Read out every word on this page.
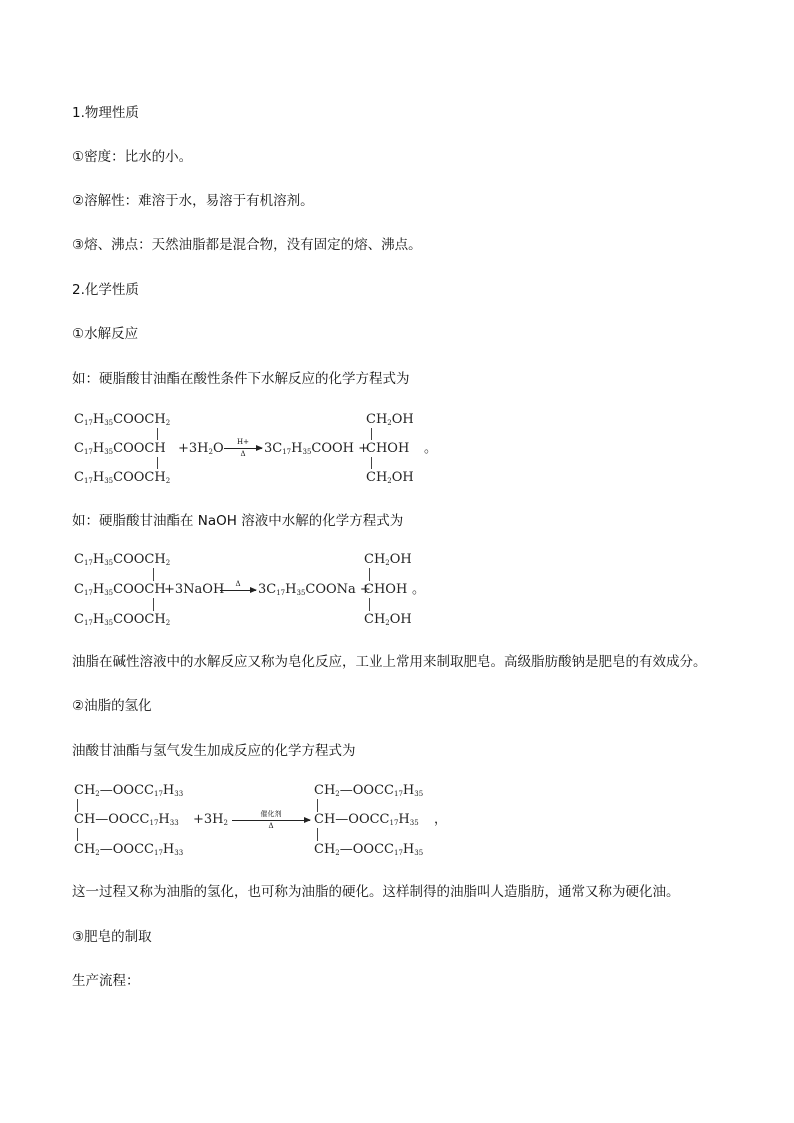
1.物理性质
①密度：比水的小。
②溶解性：难溶于水，易溶于有机溶剂。
③熔、沸点：天然油脂都是混合物，没有固定的熔、沸点。
2.化学性质
①水解反应
如：硬脂酸甘油酯在酸性条件下水解反应的化学方程式为
$C_{17}H_{35}COOCH_2$
$C_{17}H_{35}COOCH$
$C_{17}H_{35}COOCH_2$
$+3H_2O$	H+
Δ	$3C_{17}H_{35}COOH$ +
$CH_2OH$
CHOH
$CH_2OH$
。
如：硬脂酸甘油酯在 NaOH 溶液中水解的化学方程式为
$C_{17}H_{35}COOCH_2$
$C_{17}H_{35}COOCH$
$C_{17}H_{35}COOCH_2$
+3NaOH	$\Delta \to 3C_{17}H_{35}COONa$ +
$CH_2OH$
CHOH
$CH_2OH$
。
油脂在碱性溶液中的水解反应又称为皂化反应，工业上常用来制取肥皂。高级脂肪酸钠是肥皂的有效成分。
②油脂的氢化
油酸甘油酯与氢气发生加成反应的化学方程式为
$CH_2—OOCC_{17}H_{33}$
$CH—OOCC_{17}H_{33}$
$CH_2—OOCC_{17}H_{33}$
$+3H_2$
催化剂
Δ
$CH_2—OOCC_{17}H_{35}$
$CH—OOCC_{17}H_{35}$
$CH_2—OOCC_{17}H_{35}$
，
这一过程又称为油脂的氢化，也可称为油脂的硬化。这样制得的油脂叫人造脂肪，通常又称为硬化油。
③肥皂的制取
生产流程：
